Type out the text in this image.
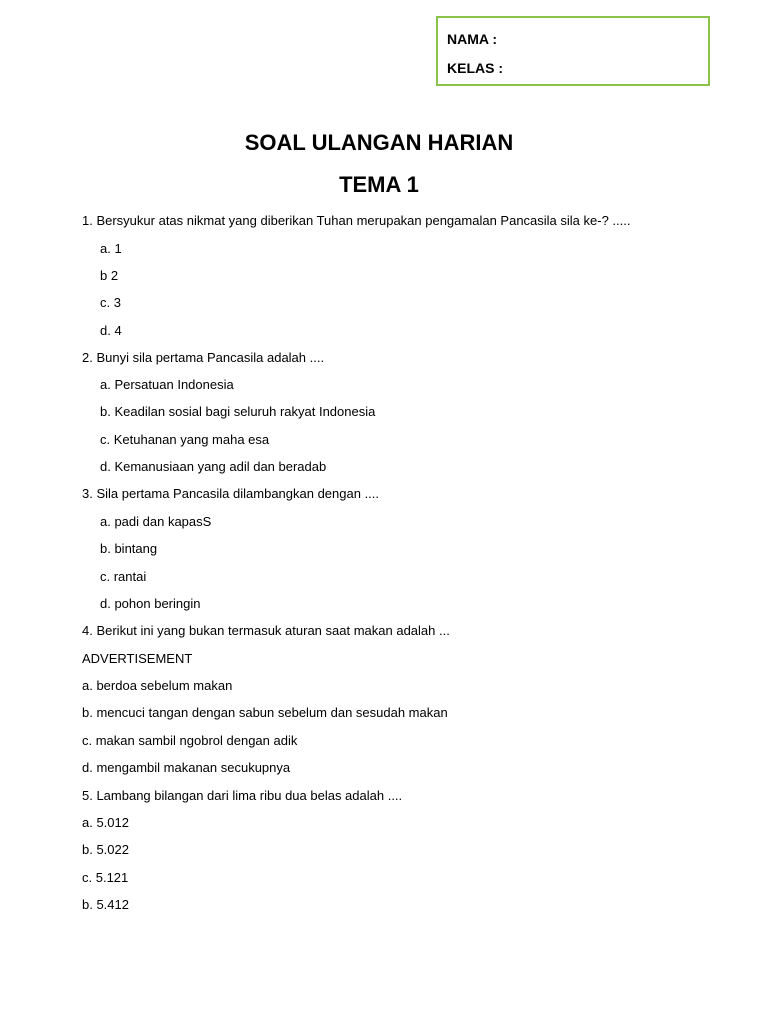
NAMA :
KELAS :
SOAL ULANGAN HARIAN
TEMA 1
1. Bersyukur atas nikmat yang diberikan Tuhan merupakan pengamalan Pancasila sila ke-? .....
a. 1
b 2
c. 3
d. 4
2. Bunyi sila pertama Pancasila adalah ....
a. Persatuan Indonesia
b. Keadilan sosial bagi seluruh rakyat Indonesia
c. Ketuhanan yang maha esa
d. Kemanusiaan yang adil dan beradab
3. Sila pertama Pancasila dilambangkan dengan ....
a. padi dan kapasS
b. bintang
c. rantai
d. pohon beringin
4. Berikut ini yang bukan termasuk aturan saat makan adalah ...
ADVERTISEMENT
a. berdoa sebelum makan
b. mencuci tangan dengan sabun sebelum dan sesudah makan
c. makan sambil ngobrol dengan adik
d. mengambil makanan secukupnya
5. Lambang bilangan dari lima ribu dua belas adalah ....
a. 5.012
b. 5.022
c. 5.121
b. 5.412
